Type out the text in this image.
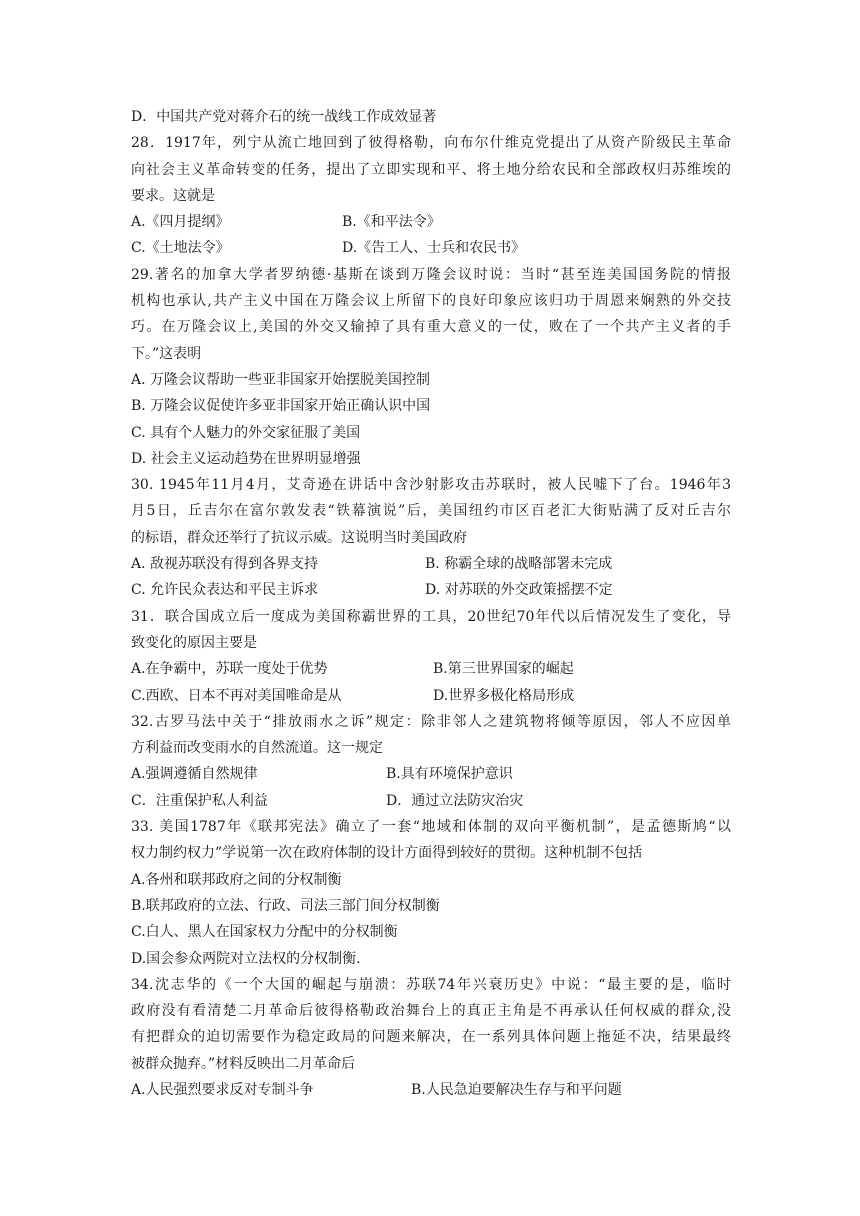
D．中国共产党对蒋介石的统一战线工作成效显著
28．1917年，列宁从流亡地回到了彼得格勒，向布尔什维克党提出了从资产阶级民主革命
向社会主义革命转变的任务，提出了立即实现和平、将土地分给农民和全部政权归苏维埃的
要求。这就是
A.《四月提纲》	B.《和平法令》
C.《土地法令》	D.《告工人、士兵和农民书》
29.著名的加拿大学者罗纳德·基斯在谈到万隆会议时说：当时“甚至连美国国务院的情报
机构也承认,共产主义中国在万隆会议上所留下的良好印象应该归功于周恩来娴熟的外交技
巧。在万隆会议上,美国的外交又输掉了具有重大意义的一仗，败在了一个共产主义者的手
下。”这表明
A. 万隆会议帮助一些亚非国家开始摆脱美国控制
B. 万隆会议促使许多亚非国家开始正确认识中国
C. 具有个人魅力的外交家征服了美国
D. 社会主义运动趋势在世界明显增强
30. 1945年11月4月，艾奇逊在讲话中含沙射影攻击苏联时，被人民嘘下了台。1946年3
月5日，丘吉尔在富尔敦发表“铁幕演说”后，美国纽约市区百老汇大街贴满了反对丘吉尔
的标语，群众还举行了抗议示威。这说明当时美国政府
A. 敌视苏联没有得到各界支持	B. 称霸全球的战略部署未完成
C. 允许民众表达和平民主诉求	D. 对苏联的外交政策摇摆不定
31．联合国成立后一度成为美国称霸世界的工具，20世纪70年代以后情况发生了变化，导
致变化的原因主要是
A.在争霸中，苏联一度处于优势	B.第三世界国家的崛起
C.西欧、日本不再对美国唯命是从	D.世界多极化格局形成
32.古罗马法中关于“排放雨水之诉”规定：除非邻人之建筑物将倾等原因，邻人不应因单
方利益而改变雨水的自然流道。这一规定
A.强调遵循自然规律	B.具有环境保护意识
C．注重保护私人利益	D．通过立法防灾治灾
33. 美国1787年《联邦宪法》确立了一套“地域和体制的双向平衡机制”，是孟德斯鸠“以
权力制约权力”学说第一次在政府体制的设计方面得到较好的贯彻。这种机制不包括
A.各州和联邦政府之间的分权制衡
B.联邦政府的立法、行政、司法三部门间分权制衡
C.白人、黑人在国家权力分配中的分权制衡
D.国会参众两院对立法权的分权制衡.
34.沈志华的《一个大国的崛起与崩溃：苏联74年兴衰历史》中说：“最主要的是，临时
政府没有看清楚二月革命后彼得格勒政治舞台上的真正主角是不再承认任何权威的群众,没
有把群众的迫切需要作为稳定政局的问题来解决，在一系列具体问题上拖延不决，结果最终
被群众抛弃。”材料反映出二月革命后
A.人民强烈要求反对专制斗争	B.人民急迫要解决生存与和平问题
